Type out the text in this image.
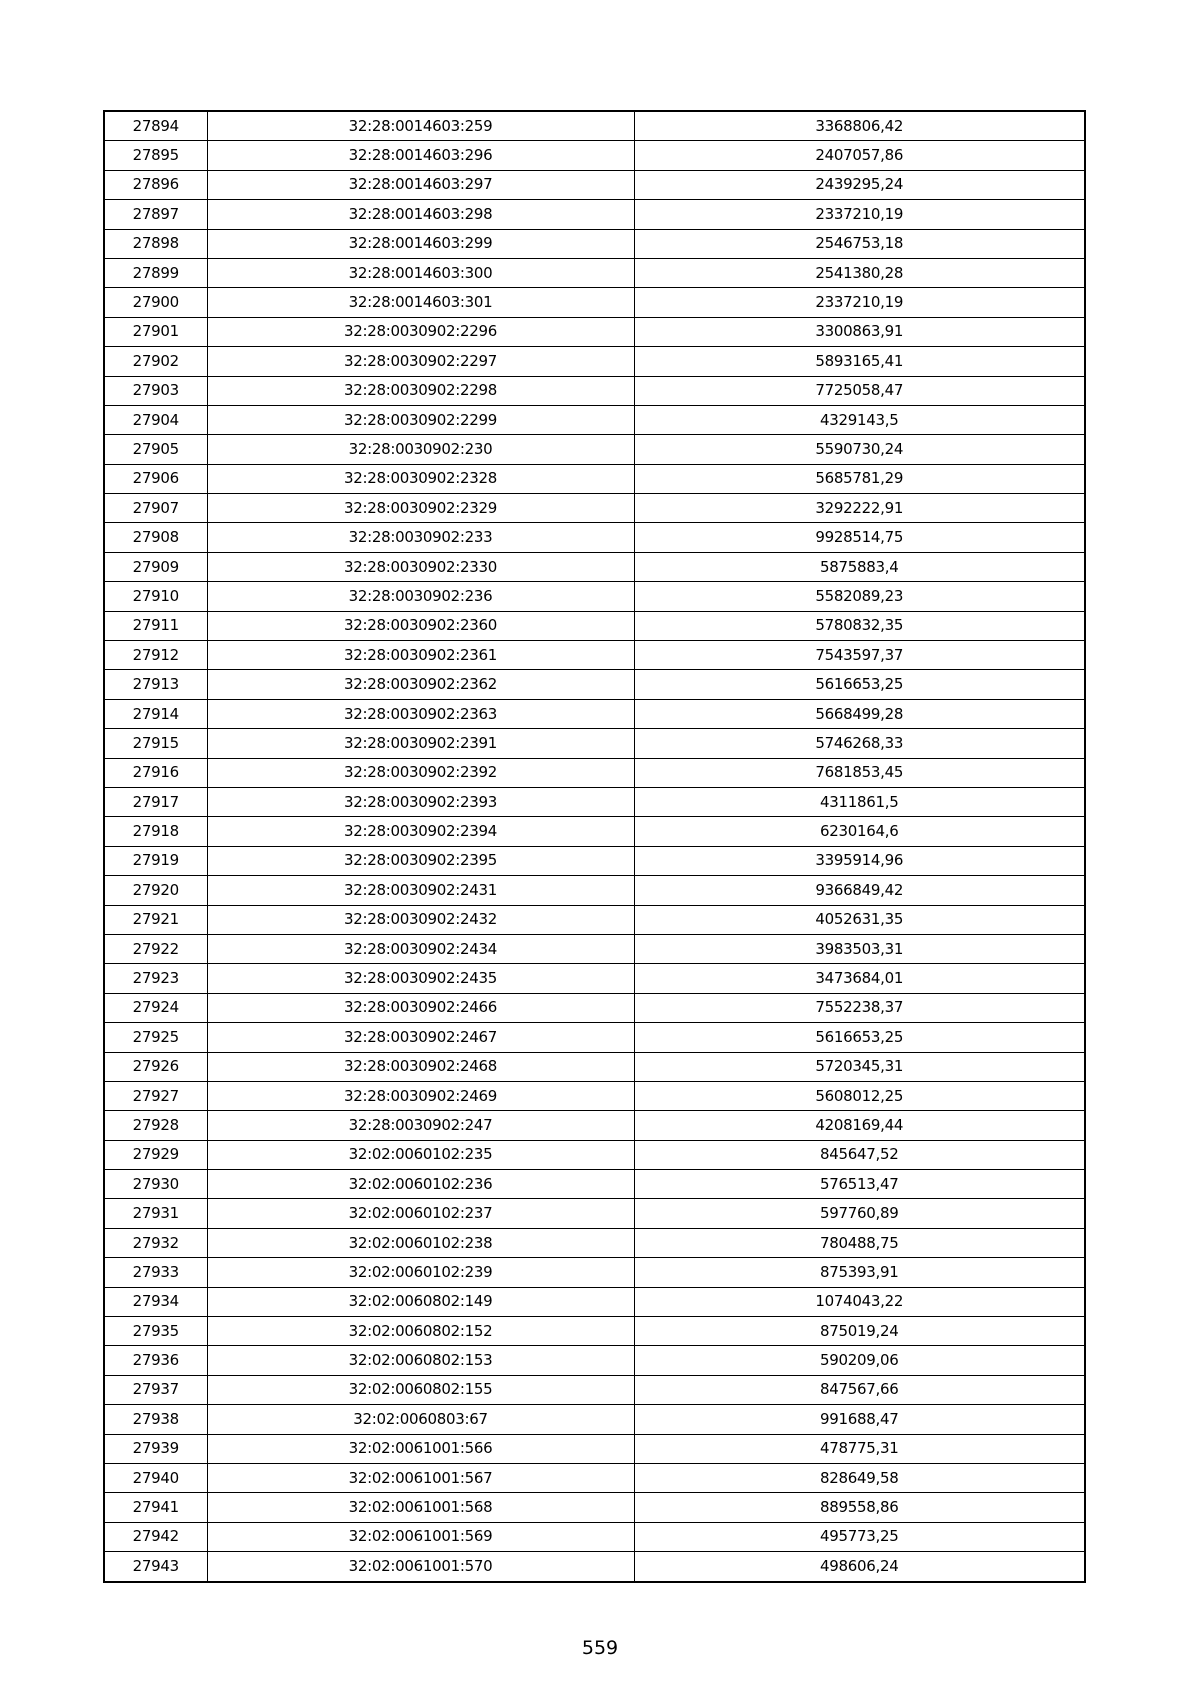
27894	32:28:0014603:259	3368806,42
27895	32:28:0014603:296	2407057,86
27896	32:28:0014603:297	2439295,24
27897	32:28:0014603:298	2337210,19
27898	32:28:0014603:299	2546753,18
27899	32:28:0014603:300	2541380,28
27900	32:28:0014603:301	2337210,19
27901	32:28:0030902:2296	3300863,91
27902	32:28:0030902:2297	5893165,41
27903	32:28:0030902:2298	7725058,47
27904	32:28:0030902:2299	4329143,5
27905	32:28:0030902:230	5590730,24
27906	32:28:0030902:2328	5685781,29
27907	32:28:0030902:2329	3292222,91
27908	32:28:0030902:233	9928514,75
27909	32:28:0030902:2330	5875883,4
27910	32:28:0030902:236	5582089,23
27911	32:28:0030902:2360	5780832,35
27912	32:28:0030902:2361	7543597,37
27913	32:28:0030902:2362	5616653,25
27914	32:28:0030902:2363	5668499,28
27915	32:28:0030902:2391	5746268,33
27916	32:28:0030902:2392	7681853,45
27917	32:28:0030902:2393	4311861,5
27918	32:28:0030902:2394	6230164,6
27919	32:28:0030902:2395	3395914,96
27920	32:28:0030902:2431	9366849,42
27921	32:28:0030902:2432	4052631,35
27922	32:28:0030902:2434	3983503,31
27923	32:28:0030902:2435	3473684,01
27924	32:28:0030902:2466	7552238,37
27925	32:28:0030902:2467	5616653,25
27926	32:28:0030902:2468	5720345,31
27927	32:28:0030902:2469	5608012,25
27928	32:28:0030902:247	4208169,44
27929	32:02:0060102:235	845647,52
27930	32:02:0060102:236	576513,47
27931	32:02:0060102:237	597760,89
27932	32:02:0060102:238	780488,75
27933	32:02:0060102:239	875393,91
27934	32:02:0060802:149	1074043,22
27935	32:02:0060802:152	875019,24
27936	32:02:0060802:153	590209,06
27937	32:02:0060802:155	847567,66
27938	32:02:0060803:67	991688,47
27939	32:02:0061001:566	478775,31
27940	32:02:0061001:567	828649,58
27941	32:02:0061001:568	889558,86
27942	32:02:0061001:569	495773,25
27943	32:02:0061001:570	498606,24
559
